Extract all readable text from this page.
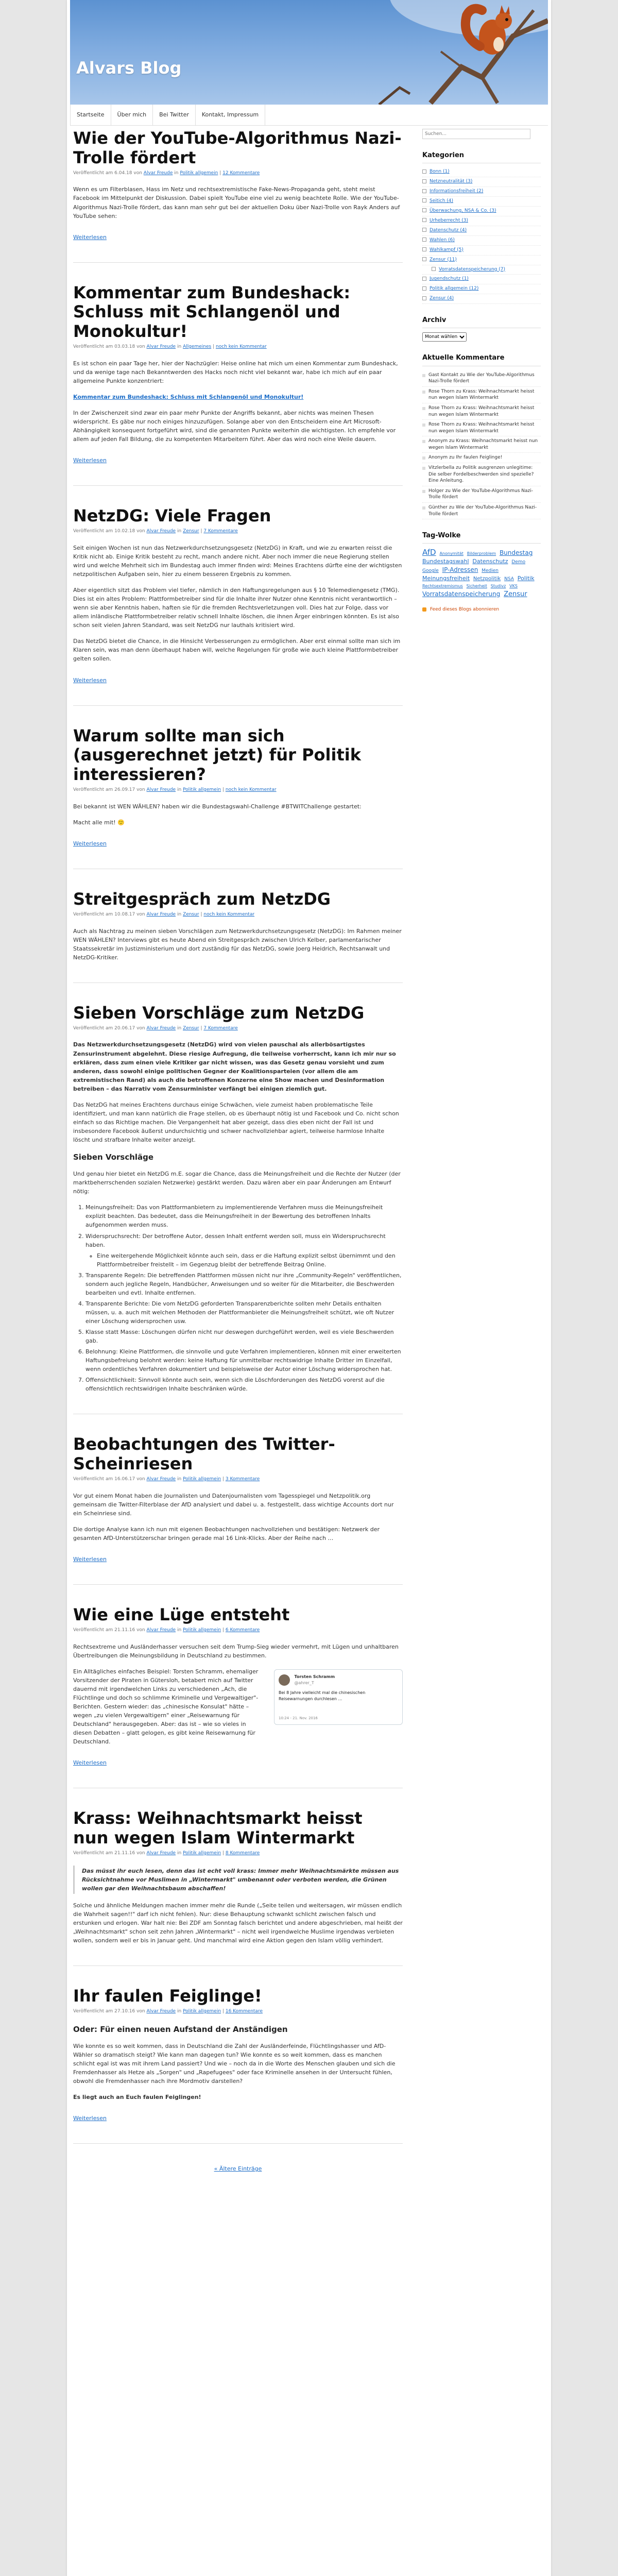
Alvars Blog
Startseite	Über mich	Bei Twitter	Kontakt, Impressum
Wie der YouTube-Algorithmus Nazi-Trolle fördert
Veröffentlicht am 6.04.18 von Alvar Freude in Politik allgemein | 12 Kommentare

Wenn es um Filterblasen, Hass im Netz und rechtsextremistische Fake-News-Propaganda geht, steht meist Facebook im Mittelpunkt der Diskussion. Dabei spielt YouTube eine viel zu wenig beachtete Rolle. Wie der YouTube-Algorithmus Nazi-Trolle fördert, das kann man sehr gut bei der aktuellen Doku über Nazi-Trolle von Rayk Anders auf YouTube sehen:

Weiterlesen
Kommentar zum Bundeshack: Schluss mit Schlangenöl und Monokultur!
Veröffentlicht am 03.03.18 von Alvar Freude in Allgemeines | noch kein Kommentar

Es ist schon ein paar Tage her, hier der Nachzügler: Heise online hat mich um einen Kommentar zum Bundeshack, und da wenige tage nach Bekanntwerden des Hacks noch nicht viel bekannt war, habe ich mich auf ein paar allgemeine Punkte konzentriert:

Kommentar zum Bundeshack: Schluss mit Schlangenöl und Monokultur!

In der Zwischenzeit sind zwar ein paar mehr Punkte der Angriffs bekannt, aber nichts was meinen Thesen widerspricht. Es gäbe nur noch einiges hinzuzufügen. Solange aber von den Entscheidern eine Art Microsoft-Abhängigkeit konsequent fortgeführt wird, sind die genannten Punkte weiterhin die wichtigsten. Ich empfehle vor allem auf jeden Fall Bildung, die zu kompetenten Mitarbeitern führt. Aber das wird noch eine Weile dauern.

Weiterlesen
NetzDG: Viele Fragen
Veröffentlicht am 10.02.18 von Alvar Freude in Zensur | 7 Kommentare

Seit einigen Wochen ist nun das Netzwerkdurchsetzungsgesetz (NetzDG) in Kraft, und wie zu erwarten reisst die Kritik nicht ab. Einige Kritik besteht zu recht, manch andere nicht. Aber noch immer die neue Regierung stellen wird und welche Mehrheit sich im Bundestag auch immer finden wird: Meines Erachtens dürfte eine der wichtigsten netzpolitischen Aufgaben sein, hier zu einem besseren Ergebnis zu kommen.

Aber eigentlich sitzt das Problem viel tiefer, nämlich in den Haftungsregelungen aus § 10 Telemediengesetz (TMG). Dies ist ein altes Problem: Plattformbetreiber sind für die Inhalte ihrer Nutzer ohne Kenntnis nicht verantwortlich – wenn sie aber Kenntnis haben, haften sie für die fremden Rechtsverletzungen voll. Dies hat zur Folge, dass vor allem inländische Plattformbetreiber relativ schnell Inhalte löschen, die ihnen Ärger einbringen könnten. Es ist also schon seit vielen Jahren Standard, was seit NetzDG nur lauthals kritisiert wird.

Das NetzDG bietet die Chance, in die Hinsicht Verbesserungen zu ermöglichen. Aber erst einmal sollte man sich im Klaren sein, was man denn überhaupt haben will, welche Regelungen für große wie auch kleine Plattformbetreiber gelten sollen.

Weiterlesen
Warum sollte man sich (ausgerechnet jetzt) für Politik interessieren?
Veröffentlicht am 26.09.17 von Alvar Freude in Politik allgemein | noch kein Kommentar

Bei bekannt ist WEN WÄHLEN? haben wir die Bundestagswahl-Challenge #BTWITChallenge gestartet:

Macht alle mit! 🙂

Weiterlesen
Streitgespräch zum NetzDG
Veröffentlicht am 10.08.17 von Alvar Freude in Zensur | noch kein Kommentar

Auch als Nachtrag zu meinen sieben Vorschlägen zum Netzwerkdurchsetzungsgesetz (NetzDG): Im Rahmen meiner WEN WÄHLEN? Interviews gibt es heute Abend ein Streitgespräch zwischen Ulrich Kelber, parlamentarischer Staatssekretär im Justizministerium und dort zuständig für das NetzDG, sowie Joerg Heidrich, Rechtsanwalt und NetzDG-Kritiker.

Sieben Vorschläge zum NetzDG
Veröffentlicht am 20.06.17 von Alvar Freude in Zensur | 7 Kommentare

Das Netzwerkdurchsetzungsgesetz (NetzDG) wird von vielen pauschal als allerbösartigstes Zensurinstrument abgelehnt. Diese riesige Aufregung, die teilweise vorherrscht, kann ich mir nur so erklären, dass zum einen viele Kritiker gar nicht wissen, was das Gesetz genau vorsieht und zum anderen, dass sowohl einige politischen Gegner der Koalitionsparteien (vor allem die am extremistischen Rand) als auch die betroffenen Konzerne eine Show machen und Desinformation betreiben – das Narrativ vom Zensurminister verfängt bei einigen ziemlich gut.

Das NetzDG hat meines Erachtens durchaus einige Schwächen, viele zumeist haben problematische Teile identifiziert, und man kann natürlich die Frage stellen, ob es überhaupt nötig ist und Facebook und Co. nicht schon einfach so das Richtige machen. Die Vergangenheit hat aber gezeigt, dass dies eben nicht der Fall ist und insbesondere Facebook äußerst undurchsichtig und schwer nachvollziehbar agiert, teilweise harmlose Inhalte löscht und strafbare Inhalte weiter anzeigt.

Sieben Vorschläge

Und genau hier bietet ein NetzDG m.E. sogar die Chance, dass die Meinungsfreiheit und die Rechte der Nutzer (der marktbeherrschenden sozialen Netzwerke) gestärkt werden. Dazu wären aber ein paar Änderungen am Entwurf nötig:

1. Meinungsfreiheit: Das von Plattformanbietern zu implementierende Verfahren muss die Meinungsfreiheit explizit beachten. Das bedeutet, dass die Meinungsfreiheit in der Bewertung des betroffenen Inhalts aufgenommen werden muss.
2. Widerspruchsrecht: Der betroffene Autor, dessen Inhalt entfernt werden soll, muss ein Widerspruchsrecht haben.
◦ Eine weitergehende Möglichkeit könnte auch sein, dass er die Haftung explizit selbst übernimmt und den Plattformbetreiber freistellt – im Gegenzug bleibt der betreffende Beitrag Online.
3. Transparente Regeln: Die betreffenden Plattformen müssen nicht nur ihre „Community-Regeln" veröffentlichen, sondern auch jegliche Regeln, Handbücher, Anweisungen und so weiter für die Mitarbeiter, die Beschwerden bearbeiten und evtl. Inhalte entfernen.
4. Transparente Berichte: Die vom NetzDG geforderten Transparenzberichte sollten mehr Details enthalten müssen, u. a. auch mit welchen Methoden der Plattformanbieter die Meinungsfreiheit schützt, wie oft Nutzer einer Löschung widersprochen usw.
5. Klasse statt Masse: Löschungen dürfen nicht nur deswegen durchgeführt werden, weil es viele Beschwerden gab.
6. Belohnung: Kleine Plattformen, die sinnvolle und gute Verfahren implementieren, können mit einer erweiterten Haftungsbefreiung belohnt werden: keine Haftung für unmittelbar rechtswidrige Inhalte Dritter im Einzelfall, wenn ordentliches Verfahren dokumentiert und beispielsweise der Autor einer Löschung widersprochen hat.
7. Offensichtlichkeit: Sinnvoll könnte auch sein, wenn sich die Löschforderungen des NetzDG vorerst auf die offensichtlich rechtswidrigen Inhalte beschränken würde.
Beobachtungen des Twitter-Scheinriesen
Veröffentlicht am 16.06.17 von Alvar Freude in Politik allgemein | 3 Kommentare

Vor gut einem Monat haben die Journalisten und Datenjournalisten vom Tagesspiegel und Netzpolitik.org gemeinsam die Twitter-Filterblase der AfD analysiert und dabei u. a. festgestellt, dass wichtige Accounts dort nur ein Scheinriese sind.

Die dortige Analyse kann ich nun mit eigenen Beobachtungen nachvollziehen und bestätigen: Netzwerk der gesamten AfD-Unterstützerschar bringen gerade mal 16 Link-Klicks. Aber der Reihe nach …

Weiterlesen
Wie eine Lüge entsteht
Veröffentlicht am 21.11.16 von Alvar Freude in Politik allgemein | 6 Kommentare

Rechtsextreme und Ausländerhasser versuchen seit dem Trump-Sieg wieder vermehrt, mit Lügen und unhaltbaren Übertreibungen die Meinungsbildung in Deutschland zu bestimmen.

Torsten Schramm
@ahrer_T
Bei 8 Jahre vielleicht mal die chinesischen Reisewarnungen durchlesen …
10:24 - 21. Nov. 2016

Ein Alltägliches einfaches Beispiel: Torsten Schramm, ehemaliger Vorsitzender der Piraten in Gütersloh, betabert mich auf Twitter dauernd mit irgendwelchen Links zu verschiedenen „Ach, die Flüchtlinge und doch so schlimme Kriminelle und Vergewaltiger"-Berichten. Gestern wieder: das „chinesische Konsulat" hätte – wegen „zu vielen Vergewaltigern" einer „Reisewarnung für Deutschland" herausgegeben. Aber: das ist – wie so vieles in diesen Debatten – glatt gelogen, es gibt keine Reisewarnung für Deutschland.

Weiterlesen
Krass: Weihnachtsmarkt heisst nun wegen Islam Wintermarkt
Veröffentlicht am 21.11.16 von Alvar Freude in Politik allgemein | 8 Kommentare
Das müsst ihr euch lesen, denn das ist echt voll krass: Immer mehr Weihnachtsmärkte müssen aus Rücksichtnahme vor Muslimen in „Wintermarkt" umbenannt oder verboten werden, die Grünen wollen gar den Weihnachtsbaum abschaffen!

Solche und ähnliche Meldungen machen immer mehr die Runde („Seite teilen und weitersagen, wir müssen endlich die Wahrheit sagen!!" darf ich nicht fehlen). Nur: diese Behauptung schwankt schlicht zwischen falsch und erstunken und erlogen. War halt nie: Bei ZDF am Sonntag falsch berichtet und andere abgeschrieben, mal heißt der „Weihnachtsmarkt" schon seit zehn Jahren „Wintermarkt" – nicht weil irgendwelche Muslime irgendwas verbieten wollen, sondern weil er bis in Januar geht. Und manchmal wird eine Aktion gegen den Islam völlig verhindert.

Ihr faulen Feiglinge!
Veröffentlicht am 27.10.16 von Alvar Freude in Politik allgemein | 16 Kommentare
Oder: Für einen neuen Aufstand der Anständigen

Wie konnte es so weit kommen, dass in Deutschland die Zahl der Ausländerfeinde, Flüchtlingshasser und AfD-Wähler so dramatisch steigt? Wie kann man dagegen tun? Wie konnte es so weit kommen, dass es manchen schlicht egal ist was mit ihrem Land passiert? Und wie – noch da in die Worte des Menschen glauben und sich die Fremdenhasser als Hetze als „Sorgen" und „Rapefugees" oder face Kriminelle ansehen in der Untersucht fühlen, obwohl die Fremdenhasser nach ihre Mordmotiv darstellen?

Es liegt auch an Euch faulen Feiglingen!

Weiterlesen
« Ältere Einträge
Suchen...
Kategorien
Bonn (1)
Netzneutralität (3)
Informationsfreiheit (2)
Seitich (4)
Überwachung, NSA & Co. (3)
Urheberrecht (3)
Datenschutz (4)
Wahlen (6)
Wahlkampf (5)
Zensur (11)
Vorratsdatenspeicherung (7)
Jugendschutz (1)
Politik allgemein (12)
Zensur (4)
Archiv
Monat wählen
Aktuelle Kommentare
Gast Kontakt zu Wie der YouTube-Algorithmus Nazi-Trolle fördert
Rose Thorn zu Krass: Weihnachtsmarkt heisst nun wegen Islam Wintermarkt
Rose Thorn zu Krass: Weihnachtsmarkt heisst nun wegen Islam Wintermarkt
Rose Thorn zu Krass: Weihnachtsmarkt heisst nun wegen Islam Wintermarkt
Anonym zu Krass: Weihnachtsmarkt heisst nun wegen Islam Wintermarkt
Anonym zu Ihr faulen Feiglinge!
Vitzlerbella zu Politik ausgrenzen unlegitime: Die selber Fordelbeschwerden sind spezielle? Eine Anleitung.
Holger zu Wie der YouTube-Algorithmus Nazi-Trolle fördert
Günther zu Wie der YouTube-Algorithmus Nazi-Trolle fördert
Tag-Wolke
AfD Anonymität Bilderproblem Bundestag Bundestagswahl Datenschutz Demo Google IP-Adressen Medien Meinungsfreiheit Netzpolitik NSA Politik Rechtsextremismus Sicherheit Studivz VKS Vorratsdatenspeicherung Zensur
Feed dieses Blogs abonnieren
